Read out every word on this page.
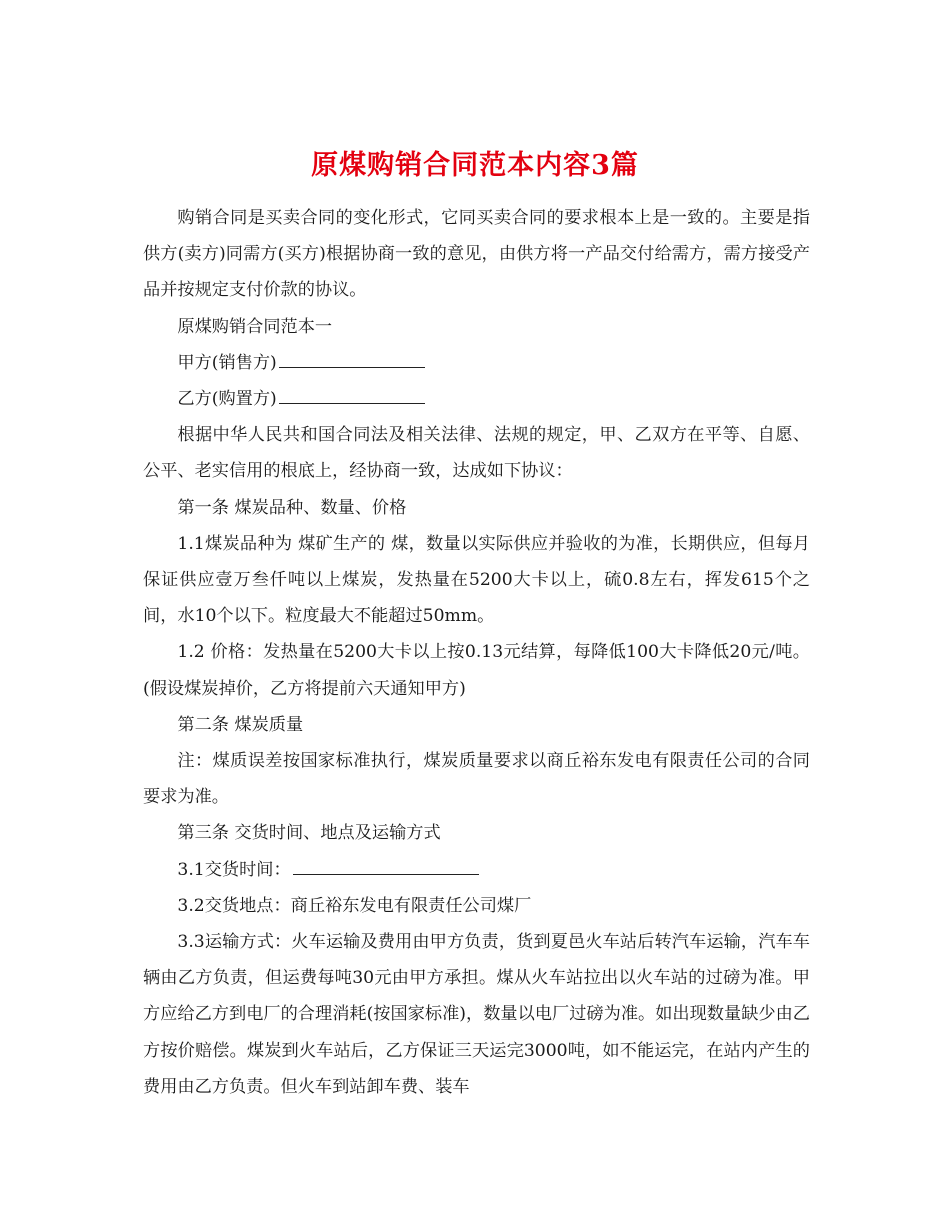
原煤购销合同范本内容3篇

购销合同是买卖合同的变化形式，它同买卖合同的要求根本上是一致的。主要是指供方(卖方)同需方(买方)根据协商一致的意见，由供方将一产品交付给需方，需方接受产品并按规定支付价款的协议。

原煤购销合同范本一

甲方(销售方)

乙方(购置方)

根据中华人民共和国合同法及相关法律、法规的规定，甲、乙双方在平等、自愿、公平、老实信用的根底上，经协商一致，达成如下协议：

第一条 煤炭品种、数量、价格

1.1煤炭品种为 煤矿生产的 煤，数量以实际供应并验收的为准，长期供应，但每月保证供应壹万叁仟吨以上煤炭，发热量在5200大卡以上，硫0.8左右，挥发615个之间，水10个以下。粒度最大不能超过50mm。

1.2 价格：发热量在5200大卡以上按0.13元结算，每降低100大卡降低20元/吨。(假设煤炭掉价，乙方将提前六天通知甲方)

第二条 煤炭质量

注：煤质误差按国家标准执行，煤炭质量要求以商丘裕东发电有限责任公司的合同要求为准。

第三条 交货时间、地点及运输方式

3.1交货时间：

3.2交货地点：商丘裕东发电有限责任公司煤厂

3.3运输方式：火车运输及费用由甲方负责，货到夏邑火车站后转汽车运输，汽车车辆由乙方负责，但运费每吨30元由甲方承担。煤从火车站拉出以火车站的过磅为准。甲方应给乙方到电厂的合理消耗(按国家标准)，数量以电厂过磅为准。如出现数量缺少由乙方按价赔偿。煤炭到火车站后，乙方保证三天运完3000吨，如不能运完，在站内产生的费用由乙方负责。但火车到站卸车费、装车
